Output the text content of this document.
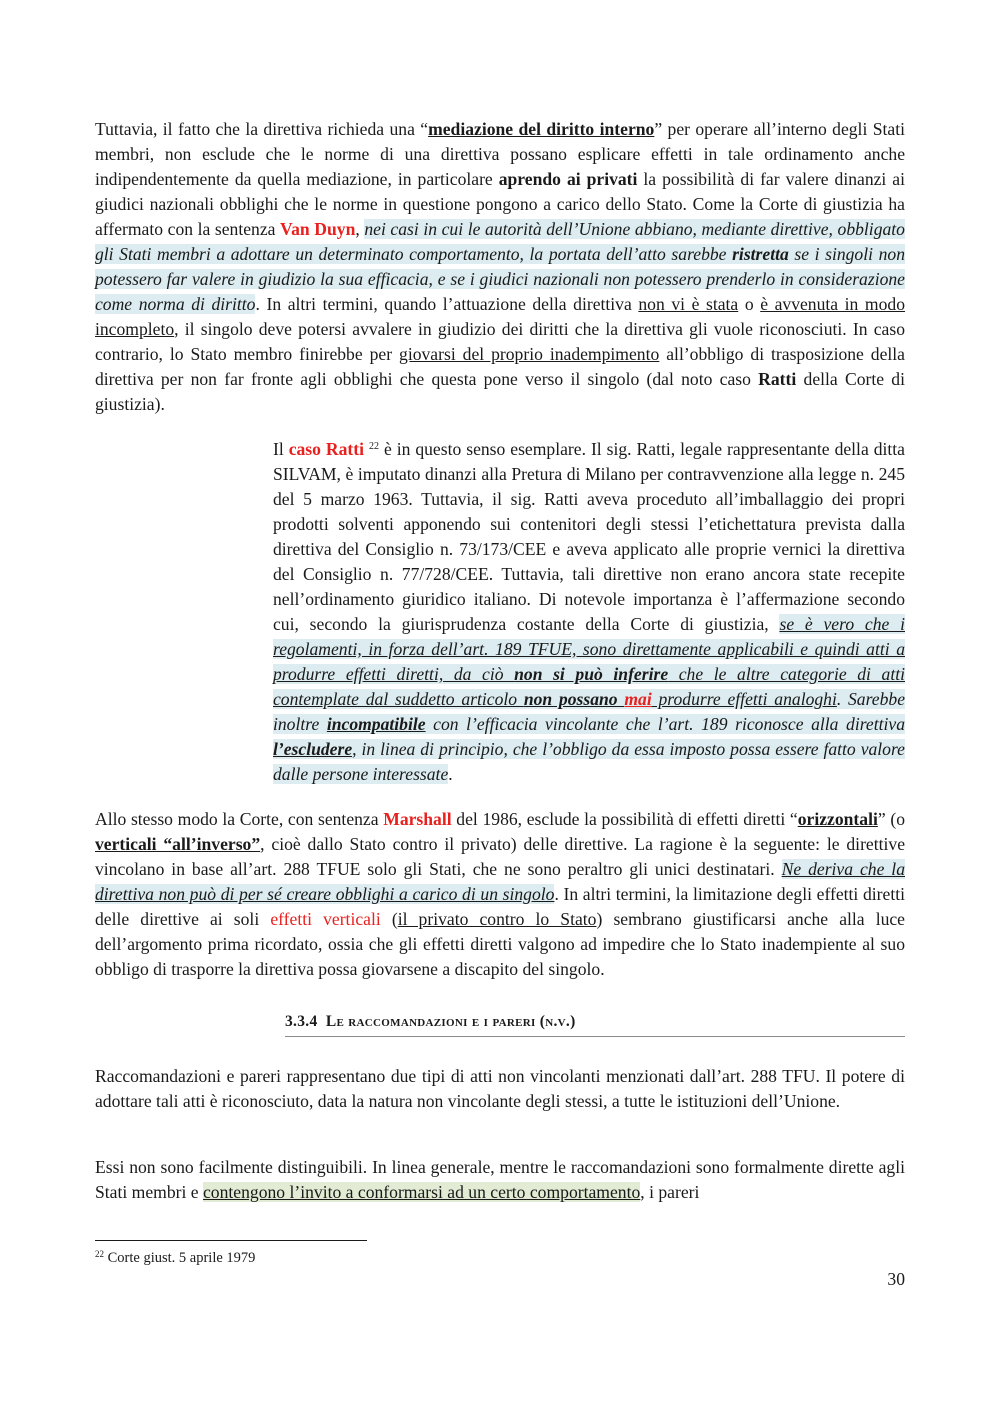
Tuttavia, il fatto che la direttiva richieda una “mediazione del diritto interno” per operare all’interno degli Stati membri, non esclude che le norme di una direttiva possano esplicare effetti in tale ordinamento anche indipendentemente da quella mediazione, in particolare aprendo ai privati la possibilità di far valere dinanzi ai giudici nazionali obblighi che le norme in questione pongono a carico dello Stato. Come la Corte di giustizia ha affermato con la sentenza Van Duyn, nei casi in cui le autorità dell’Unione abbiano, mediante direttive, obbligato gli Stati membri a adottare un determinato comportamento, la portata dell’atto sarebbe ristretta se i singoli non potessero far valere in giudizio la sua efficacia, e se i giudici nazionali non potessero prenderlo in considerazione come norma di diritto. In altri termini, quando l’attuazione della direttiva non vi è stata o è avvenuta in modo incompleto, il singolo deve potersi avvalere in giudizio dei diritti che la direttiva gli vuole riconosciuti. In caso contrario, lo Stato membro finirebbe per giovarsi del proprio inadempimento all’obbligo di trasposizione della direttiva per non far fronte agli obblighi che questa pone verso il singolo (dal noto caso Ratti della Corte di giustizia).

Il caso Ratti $^{22}$ è in questo senso esemplare. Il sig. Ratti, legale rappresentante della ditta SILVAM, è imputato dinanzi alla Pretura di Milano per contravvenzione alla legge n. 245 del 5 marzo 1963. Tuttavia, il sig. Ratti aveva proceduto all’imballaggio dei propri prodotti solventi apponendo sui contenitori degli stessi l’etichettatura prevista dalla direttiva del Consiglio n. 73/173/CEE e aveva applicato alle proprie vernici la direttiva del Consiglio n. 77/728/CEE. Tuttavia, tali direttive non erano ancora state recepite nell’ordinamento giuridico italiano. Di notevole importanza è l’affermazione secondo cui, secondo la giurisprudenza costante della Corte di giustizia, se è vero che i regolamenti, in forza dell’art. 189 TFUE, sono direttamente applicabili e quindi atti a produrre effetti diretti, da ciò non si può inferire che le altre categorie di atti contemplate dal suddetto articolo non possano mai produrre effetti analoghi. Sarebbe inoltre incompatibile con l’efficacia vincolante che l’art. 189 riconosce alla direttiva l’escludere, in linea di principio, che l’obbligo da essa imposto possa essere fatto valore dalle persone interessate.

Allo stesso modo la Corte, con sentenza Marshall del 1986, esclude la possibilità di effetti diretti “orizzontali” (o verticali “all’inverso”, cioè dallo Stato contro il privato) delle direttive. La ragione è la seguente: le direttive vincolano in base all’art. 288 TFUE solo gli Stati, che ne sono peraltro gli unici destinatari. Ne deriva che la direttiva non può di per sé creare obblighi a carico di un singolo. In altri termini, la limitazione degli effetti diretti delle direttive ai soli effetti verticali (il privato contro lo Stato) sembrano giustificarsi anche alla luce dell’argomento prima ricordato, ossia che gli effetti diretti valgono ad impedire che lo Stato inadempiente al suo obbligo di trasporre la direttiva possa giovarsene a discapito del singolo.

3.3.4 Le raccomandazioni e i pareri (n.v.)

Raccomandazioni e pareri rappresentano due tipi di atti non vincolanti menzionati dall’art. 288 TFU. Il potere di adottare tali atti è riconosciuto, data la natura non vincolante degli stessi, a tutte le istituzioni dell’Unione.

Essi non sono facilmente distinguibili. In linea generale, mentre le raccomandazioni sono formalmente dirette agli Stati membri e contengono l’invito a conformarsi ad un certo comportamento, i pareri

$^{22}$ Corte giust. 5 aprile 1979

30
